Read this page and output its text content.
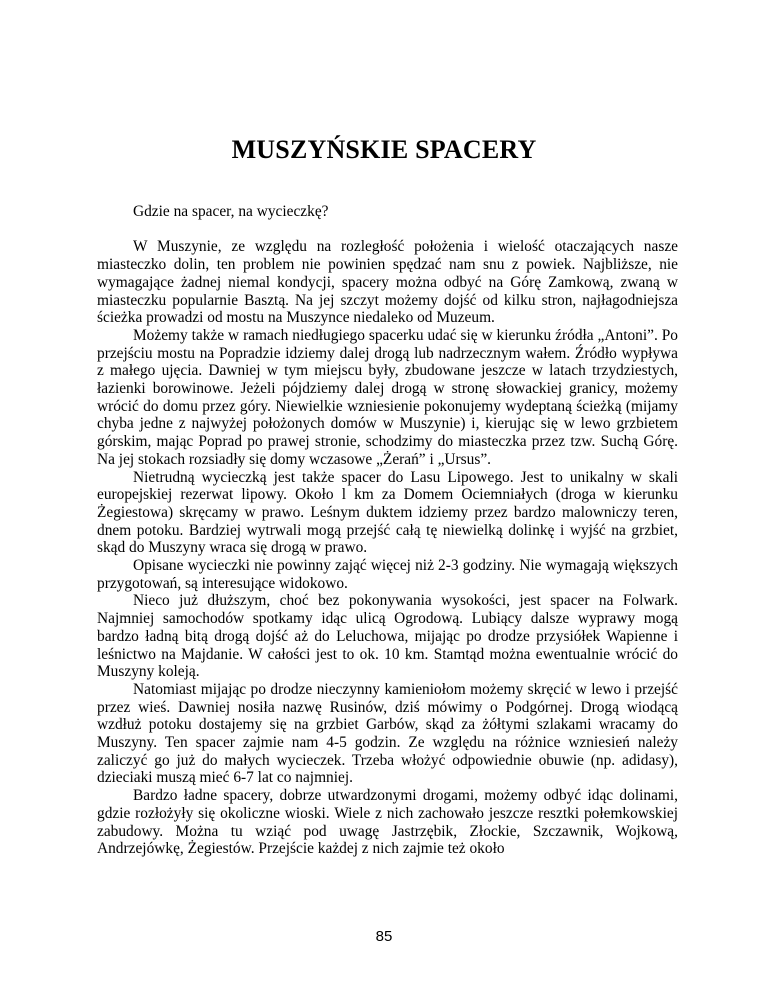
MUSZYŃSKIE SPACERY

Gdzie na spacer, na wycieczkę?

W Muszynie, ze względu na rozległość położenia i wielość otaczających nasze miasteczko dolin, ten problem nie powinien spędzać nam snu z powiek. Najbliższe, nie wymagające żadnej niemal kondycji, spacery można odbyć na Górę Zamkową, zwaną w miasteczku popularnie Basztą. Na jej szczyt możemy dojść od kilku stron, najłagodniejsza ścieżka prowadzi od mostu na Muszynce niedaleko od Muzeum.

Możemy także w ramach niedługiego spacerku udać się w kierunku źródła „Antoni”. Po przejściu mostu na Popradzie idziemy dalej drogą lub nadrzecznym wałem. Źródło wypływa z małego ujęcia. Dawniej w tym miejscu były, zbudowane jeszcze w latach trzydziestych, łazienki borowinowe. Jeżeli pójdziemy dalej drogą w stronę słowackiej granicy, możemy wrócić do domu przez góry. Niewielkie wzniesienie pokonujemy wydeptaną ścieżką (mijamy chyba jedne z najwyżej położonych domów w Muszynie) i, kierując się w lewo grzbietem górskim, mając Poprad po prawej stronie, schodzimy do miasteczka przez tzw. Suchą Górę. Na jej stokach rozsiadły się domy wczasowe „Żerań” i „Ursus”.

Nietrudną wycieczką jest także spacer do Lasu Lipowego. Jest to unikalny w skali europejskiej rezerwat lipowy. Około l km za Domem Ociemniałych (droga w kierunku Żegiestowa) skręcamy w prawo. Leśnym duktem idziemy przez bardzo malowniczy teren, dnem potoku. Bardziej wytrwali mogą przejść całą tę niewielką dolinkę i wyjść na grzbiet, skąd do Muszyny wraca się drogą w prawo.

Opisane wycieczki nie powinny zająć więcej niż 2-3 godziny. Nie wymagają większych przygotowań, są interesujące widokowo.

Nieco już dłuższym, choć bez pokonywania wysokości, jest spacer na Folwark. Najmniej samochodów spotkamy idąc ulicą Ogrodową. Lubiący dalsze wyprawy mogą bardzo ładną bitą drogą dojść aż do Leluchowa, mijając po drodze przysiółek Wapienne i leśnictwo na Majdanie. W całości jest to ok. 10 km. Stamtąd można ewentualnie wrócić do Muszyny koleją.

Natomiast mijając po drodze nieczynny kamieniołom możemy skręcić w lewo i przejść przez wieś. Dawniej nosiła nazwę Rusinów, dziś mówimy o Podgórnej. Drogą wiodącą wzdłuż potoku dostajemy się na grzbiet Garbów, skąd za żółtymi szlakami wracamy do Muszyny. Ten spacer zajmie nam 4-5 godzin. Ze względu na różnice wzniesień należy zaliczyć go już do małych wycieczek. Trzeba włożyć odpowiednie obuwie (np. adidasy), dzieciaki muszą mieć 6-7 lat co najmniej.

Bardzo ładne spacery, dobrze utwardzonymi drogami, możemy odbyć idąc dolinami, gdzie rozłożyły się okoliczne wioski. Wiele z nich zachowało jeszcze resztki połemkowskiej zabudowy. Można tu wziąć pod uwagę Jastrzębik, Złockie, Szczawnik, Wojkową, Andrzejówkę, Żegiestów. Przejście każdej z nich zajmie też około

85
